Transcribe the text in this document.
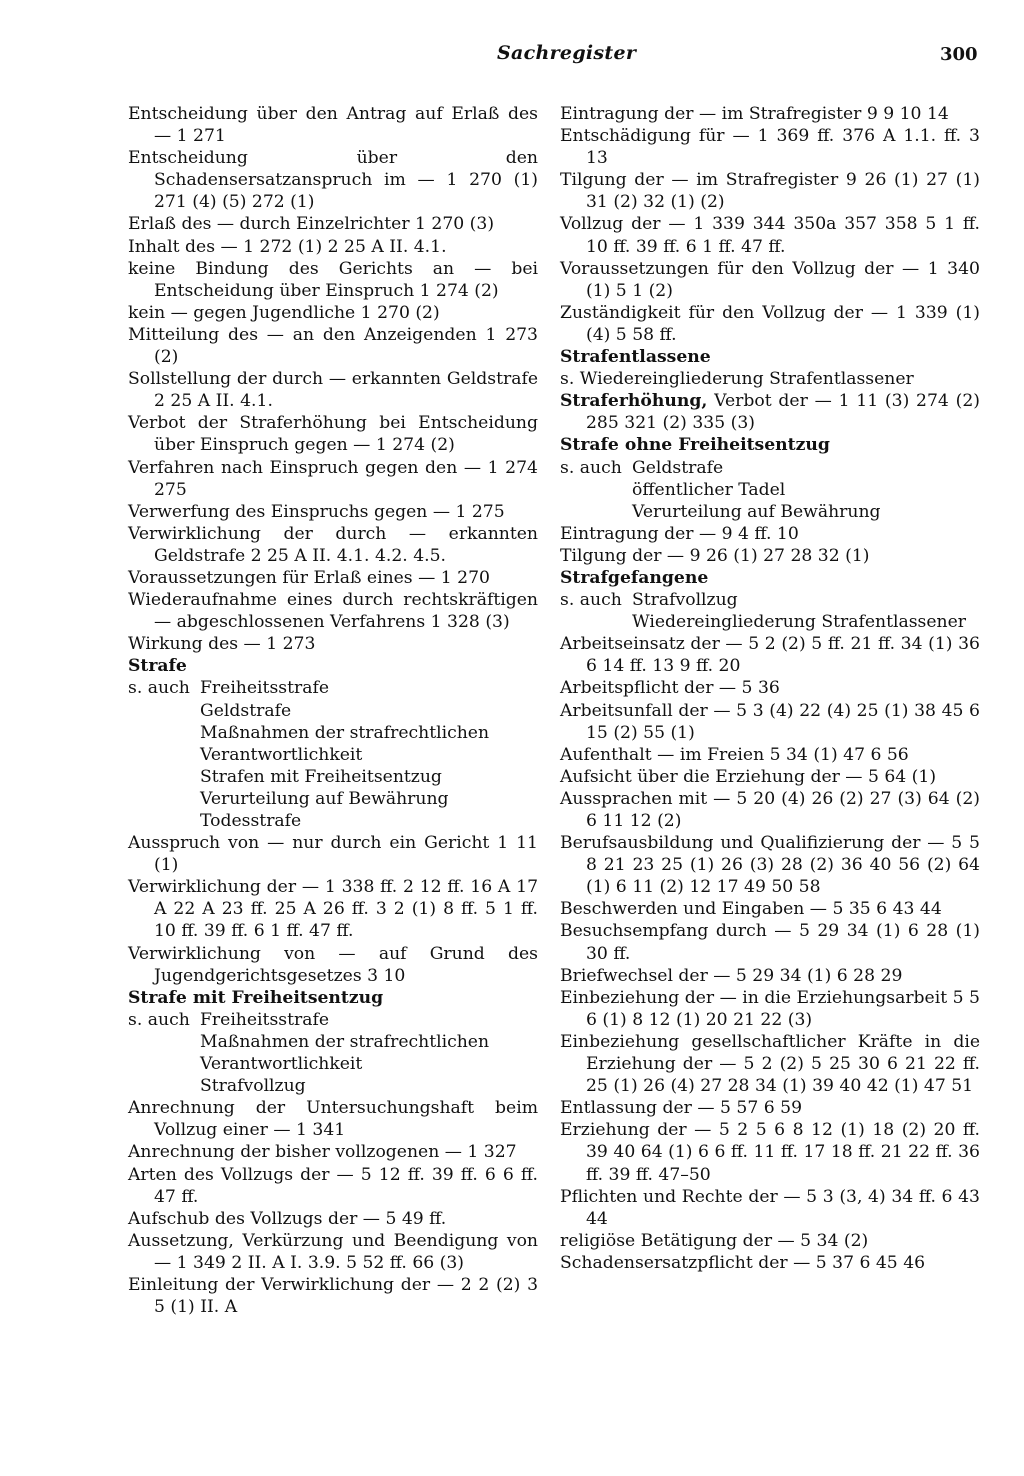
Sachregister	300

Entscheidung über den Antrag auf Erlaß des — 1 271

Entscheidung über den Schadensersatzanspruch im — 1 270 (1) 271 (4) (5) 272 (1)

Erlaß des — durch Einzelrichter 1 270 (3)

Inhalt des — 1 272 (1) 2 25 A II. 4.1.

keine Bindung des Gerichts an — bei Entscheidung über Einspruch 1 274 (2)

kein — gegen Jugendliche 1 270 (2)

Mitteilung des — an den Anzeigenden 1 273 (2)

Sollstellung der durch — erkannten Geldstrafe 2 25 A II. 4.1.

Verbot der Straferhöhung bei Entscheidung über Einspruch gegen — 1 274 (2)

Verfahren nach Einspruch gegen den — 1 274 275

Verwerfung des Einspruchs gegen — 1 275

Verwirklichung der durch — erkannten Geldstrafe 2 25 A II. 4.1. 4.2. 4.5.

Voraussetzungen für Erlaß eines — 1 270

Wiederaufnahme eines durch rechtskräftigen — abgeschlossenen Verfahrens 1 328 (3)

Wirkung des — 1 273

Strafe

s. auch Freiheitsstrafe

Geldstrafe

Maßnahmen der strafrechtlichen Verantwortlichkeit

Strafen mit Freiheitsentzug

Verurteilung auf Bewährung

Todesstrafe

Ausspruch von — nur durch ein Gericht 1 11 (1)

Verwirklichung der — 1 338 ff. 2 12 ff. 16 A 17 A 22 A 23 ff. 25 A 26 ff. 3 2 (1) 8 ff. 5 1 ff. 10 ff. 39 ff. 6 1 ff. 47 ff.

Verwirklichung von — auf Grund des Jugendgerichtsgesetzes 3 10

Strafe mit Freiheitsentzug

s. auch Freiheitsstrafe

Maßnahmen der strafrechtlichen Verantwortlichkeit

Strafvollzug

Anrechnung der Untersuchungshaft beim Vollzug einer — 1 341

Anrechnung der bisher vollzogenen — 1 327

Arten des Vollzugs der — 5 12 ff. 39 ff. 6 6 ff. 47 ff.

Aufschub des Vollzugs der — 5 49 ff.

Aussetzung, Verkürzung und Beendigung von — 1 349 2 II. A I. 3.9. 5 52 ff. 66 (3)

Einleitung der Verwirklichung der — 2 2 (2) 3 5 (1) II. A

Eintragung der — im Strafregister 9 9 10 14

Entschädigung für — 1 369 ff. 376 A 1.1. ff. 3 13

Tilgung der — im Strafregister 9 26 (1) 27 (1) 31 (2) 32 (1) (2)

Vollzug der — 1 339 344 350a 357 358 5 1 ff. 10 ff. 39 ff. 6 1 ff. 47 ff.

Voraussetzungen für den Vollzug der — 1 340 (1) 5 1 (2)

Zuständigkeit für den Vollzug der — 1 339 (1) (4) 5 58 ff.

Strafentlassene

s. Wiedereingliederung Strafentlassener

Straferhöhung, Verbot der — 1 11 (3) 274 (2) 285 321 (2) 335 (3)

Strafe ohne Freiheitsentzug

s. auch Geldstrafe

öffentlicher Tadel

Verurteilung auf Bewährung

Eintragung der — 9 4 ff. 10

Tilgung der — 9 26 (1) 27 28 32 (1)

Strafgefangene

s. auch Strafvollzug

Wiedereingliederung Strafentlassener

Arbeitseinsatz der — 5 2 (2) 5 ff. 21 ff. 34 (1) 36 6 14 ff. 13 9 ff. 20

Arbeitspflicht der — 5 36

Arbeitsunfall der — 5 3 (4) 22 (4) 25 (1) 38 45 6 15 (2) 55 (1)

Aufenthalt — im Freien 5 34 (1) 47 6 56

Aufsicht über die Erziehung der — 5 64 (1)

Aussprachen mit — 5 20 (4) 26 (2) 27 (3) 64 (2) 6 11 12 (2)

Berufsausbildung und Qualifizierung der — 5 5 8 21 23 25 (1) 26 (3) 28 (2) 36 40 56 (2) 64 (1) 6 11 (2) 12 17 49 50 58

Beschwerden und Eingaben — 5 35 6 43 44

Besuchsempfang durch — 5 29 34 (1) 6 28 (1) 30 ff.

Briefwechsel der — 5 29 34 (1) 6 28 29

Einbeziehung der — in die Erziehungsarbeit 5 5 6 (1) 8 12 (1) 20 21 22 (3)

Einbeziehung gesellschaftlicher Kräfte in die Erziehung der — 5 2 (2) 5 25 30 6 21 22 ff. 25 (1) 26 (4) 27 28 34 (1) 39 40 42 (1) 47 51

Entlassung der — 5 57 6 59

Erziehung der — 5 2 5 6 8 12 (1) 18 (2) 20 ff. 39 40 64 (1) 6 6 ff. 11 ff. 17 18 ff. 21 22 ff. 36 ff. 39 ff. 47–50

Pflichten und Rechte der — 5 3 (3, 4) 34 ff. 6 43 44

religiöse Betätigung der — 5 34 (2)

Schadensersatzpflicht der — 5 37 6 45 46
